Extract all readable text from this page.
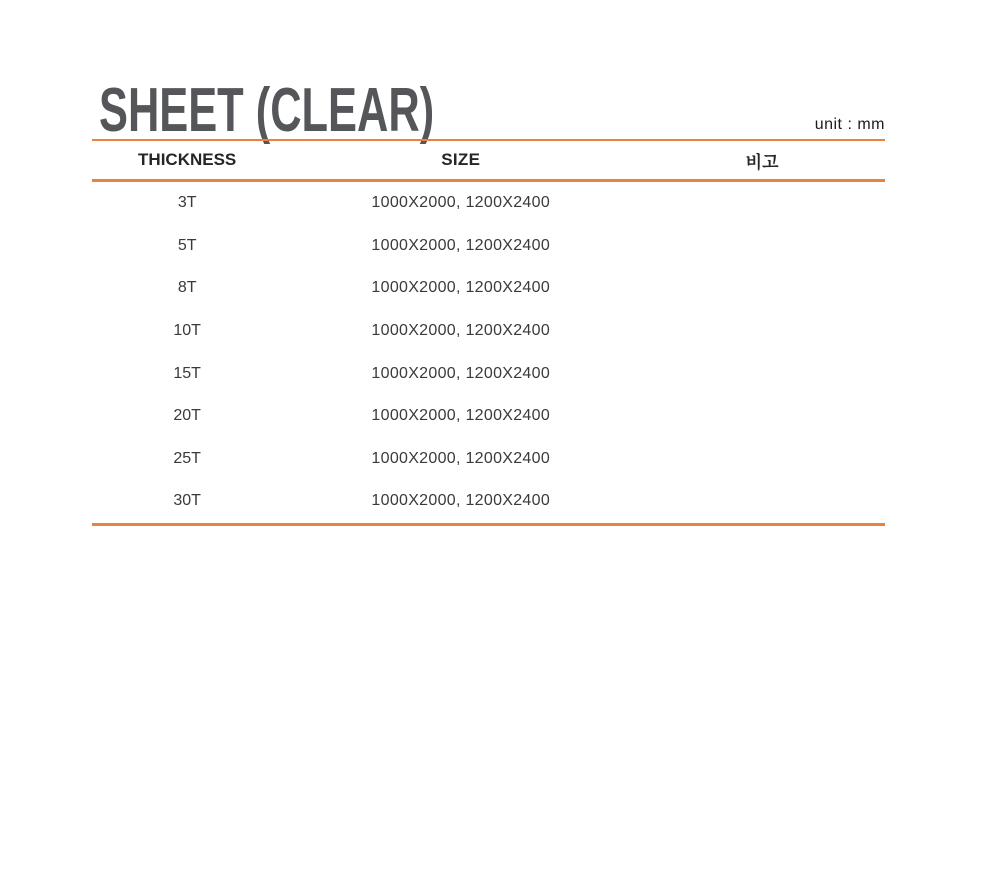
SHEET (CLEAR)	unit : mm
THICKNESS	SIZE	비고
3T	1000X2000, 1200X2400
5T	1000X2000, 1200X2400
8T	1000X2000, 1200X2400
10T	1000X2000, 1200X2400
15T	1000X2000, 1200X2400
20T	1000X2000, 1200X2400
25T	1000X2000, 1200X2400
30T	1000X2000, 1200X2400
